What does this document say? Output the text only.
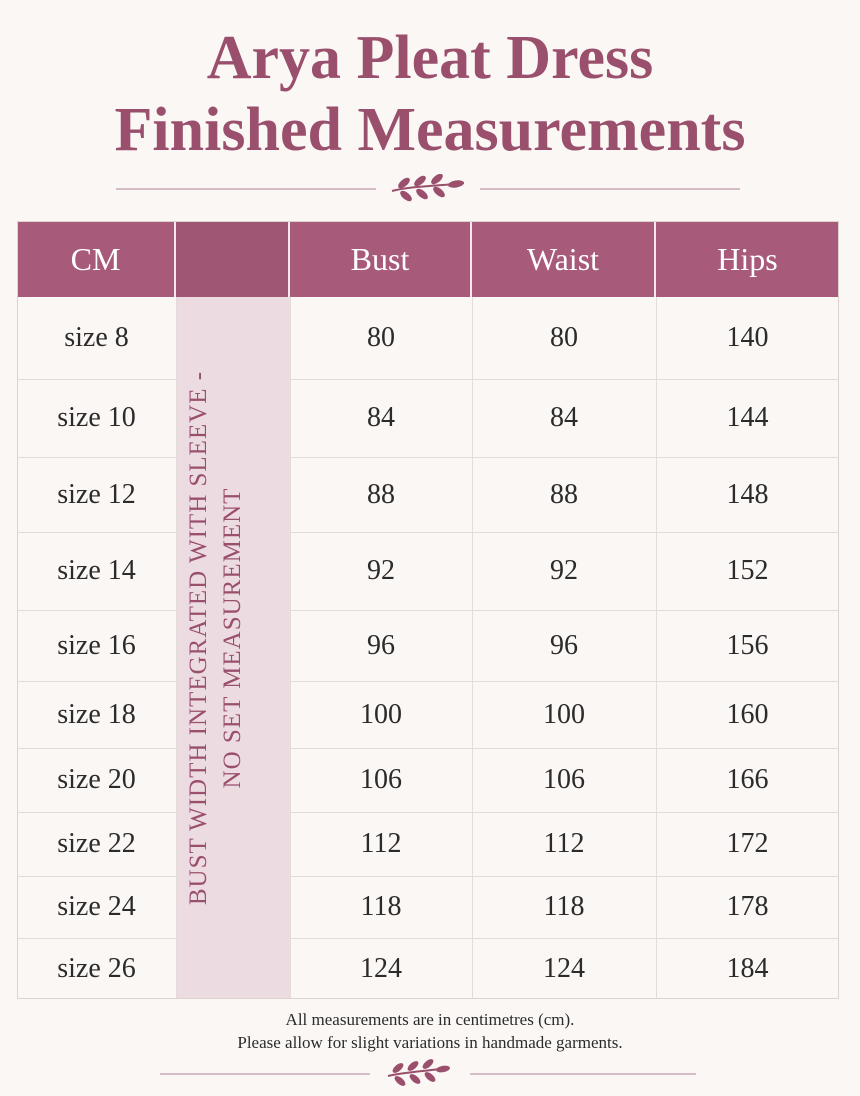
Arya Pleat Dress
Finished Measurements
CM	Bust	Waist	Hips
size 8	80	80	140
size 10	84	84	144
size 12	88	88	148
size 14	92	92	152
size 16	96	96	156
size 18	100	100	160
size 20	106	106	166
size 22	112	112	172
size 24	118	118	178
size 26	124	124	184
BUST WIDTH INTEGRATED WITH SLEEVE - NO SET MEASUREMENT
All measurements are in centimetres (cm).
Please allow for slight variations in handmade garments.
